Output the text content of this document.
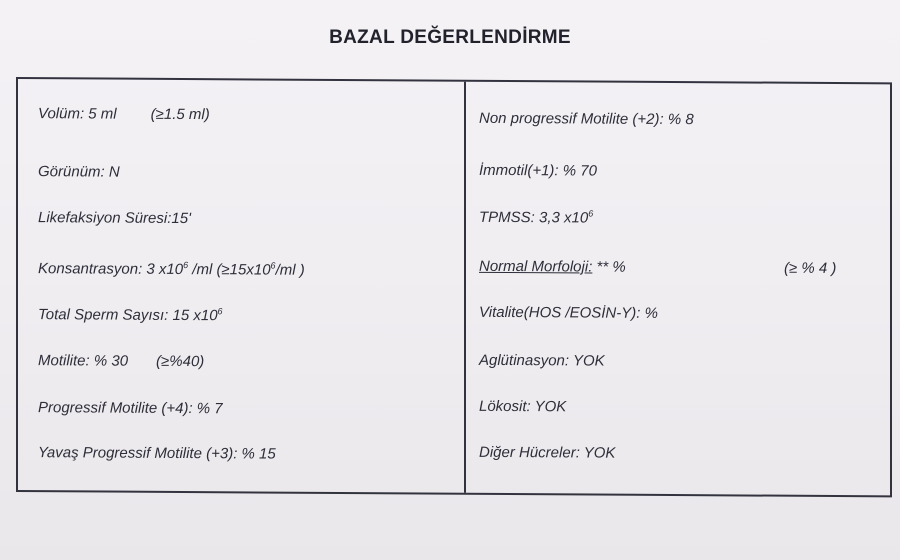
BAZAL DEĞERLENDİRME
Volüm: 5 ml (≥1.5 ml)
Görünüm: N
Likefaksiyon Süresi:15'
Konsantrasyon: 3 $x10^6$ /ml ($\ge 15x10^6/ml$ )
Total Sperm Sayısı: 15 $x10^6$
Motilite: % 30 (≥%40)
Progressif Motilite (+4): % 7
Yavaş Progressif Motilite (+3): % 15
Non progressif Motilite (+2): % 8
İmmotil(+1): % 70
TPMSS: 3,3 $x10^6$
Normal Morfoloji: ** %	(≥ % 4 )
Vitalite(HOS /EOSİN-Y): %
Aglütinasyon: YOK
Lökosit: YOK
Diğer Hücreler: YOK
